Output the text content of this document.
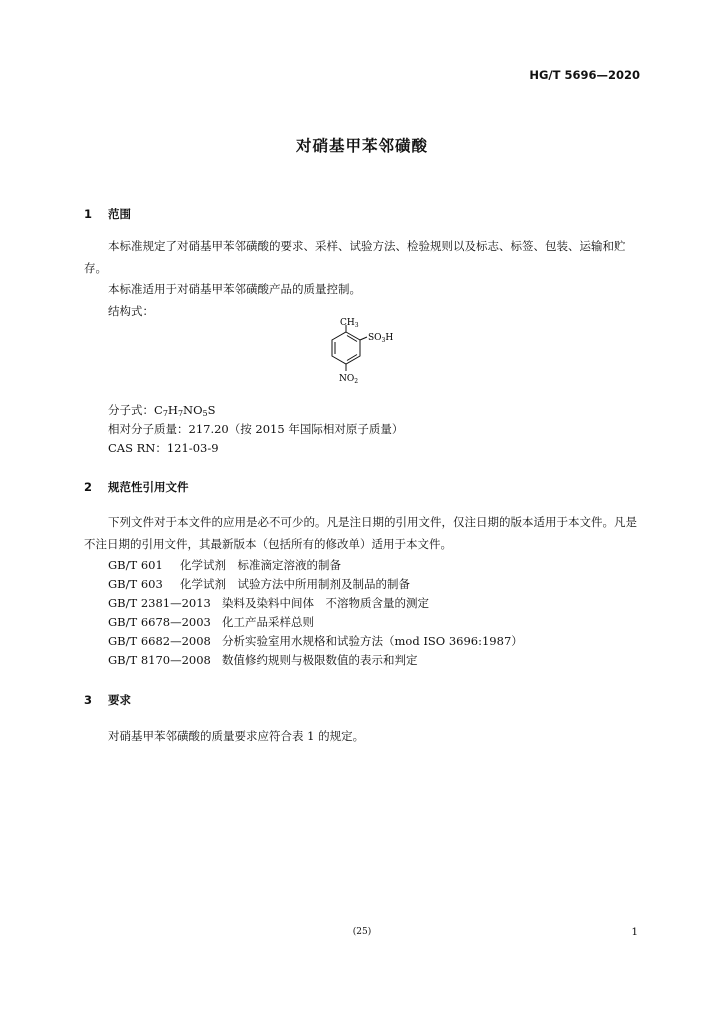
HG/T 5696—2020
对硝基甲苯邻磺酸
1 范围
本标准规定了对硝基甲苯邻磺酸的要求、采样、试验方法、检验规则以及标志、标签、包装、运输和贮存。
本标准适用于对硝基甲苯邻磺酸产品的质量控制。
结构式：
$CH_3$
$SO_3H$
$NO_2$
分子式：$C_7H_7NO_5S$
相对分子质量：217.20（按 2015 年国际相对原子质量）
CAS RN：121-03-9
2 规范性引用文件
下列文件对于本文件的应用是必不可少的。凡是注日期的引用文件，仅注日期的版本适用于本文件。凡是不注日期的引用文件，其最新版本（包括所有的修改单）适用于本文件。
GB/T 601 化学试剂　标准滴定溶液的制备
GB/T 603 化学试剂　试验方法中所用制剂及制品的制备
GB/T 2381—2013 染料及染料中间体　不溶物质含量的测定
GB/T 6678—2003 化工产品采样总则
GB/T 6682—2008 分析实验室用水规格和试验方法（mod ISO 3696:1987）
GB/T 8170—2008 数值修约规则与极限数值的表示和判定
3 要求
对硝基甲苯邻磺酸的质量要求应符合表 1 的规定。
(25)	1
